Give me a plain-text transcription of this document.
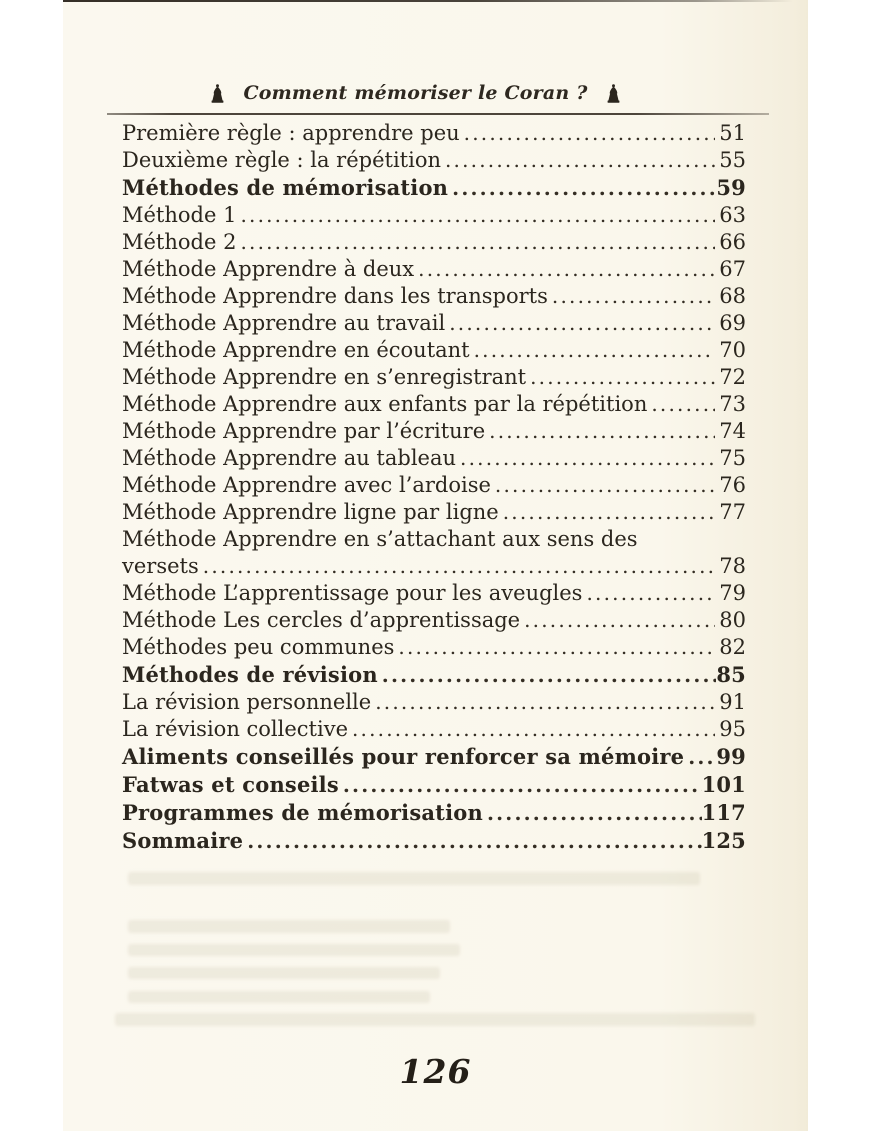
Comment mémoriser le Coran ?
Première règle : apprendre peu .....	51
Deuxième règle : la répétition .....	55
Méthodes de mémorisation .....	59
Méthode 1 .....	63
Méthode 2 .....	66
Méthode Apprendre à deux .....	67
Méthode Apprendre dans les transports .....	68
Méthode Apprendre au travail .....	69
Méthode Apprendre en écoutant .....	70
Méthode Apprendre en s’enregistrant .....	72
Méthode Apprendre aux enfants par la répétition .....	73
Méthode Apprendre par l’écriture .....	74
Méthode Apprendre au tableau .....	75
Méthode Apprendre avec l’ardoise .....	76
Méthode Apprendre ligne par ligne .....	77
Méthode Apprendre en s’attachant aux sens des
versets .....	78
Méthode L’apprentissage pour les aveugles .....	79
Méthode Les cercles d’apprentissage .....	80
Méthodes peu communes .....	82
Méthodes de révision .....	85
La révision personnelle .....	91
La révision collective .....	95
Aliments conseillés pour renforcer sa mémoire ..... 99
Fatwas et conseils .....	101
Programmes de mémorisation .....	117
Sommaire .....	125
126
